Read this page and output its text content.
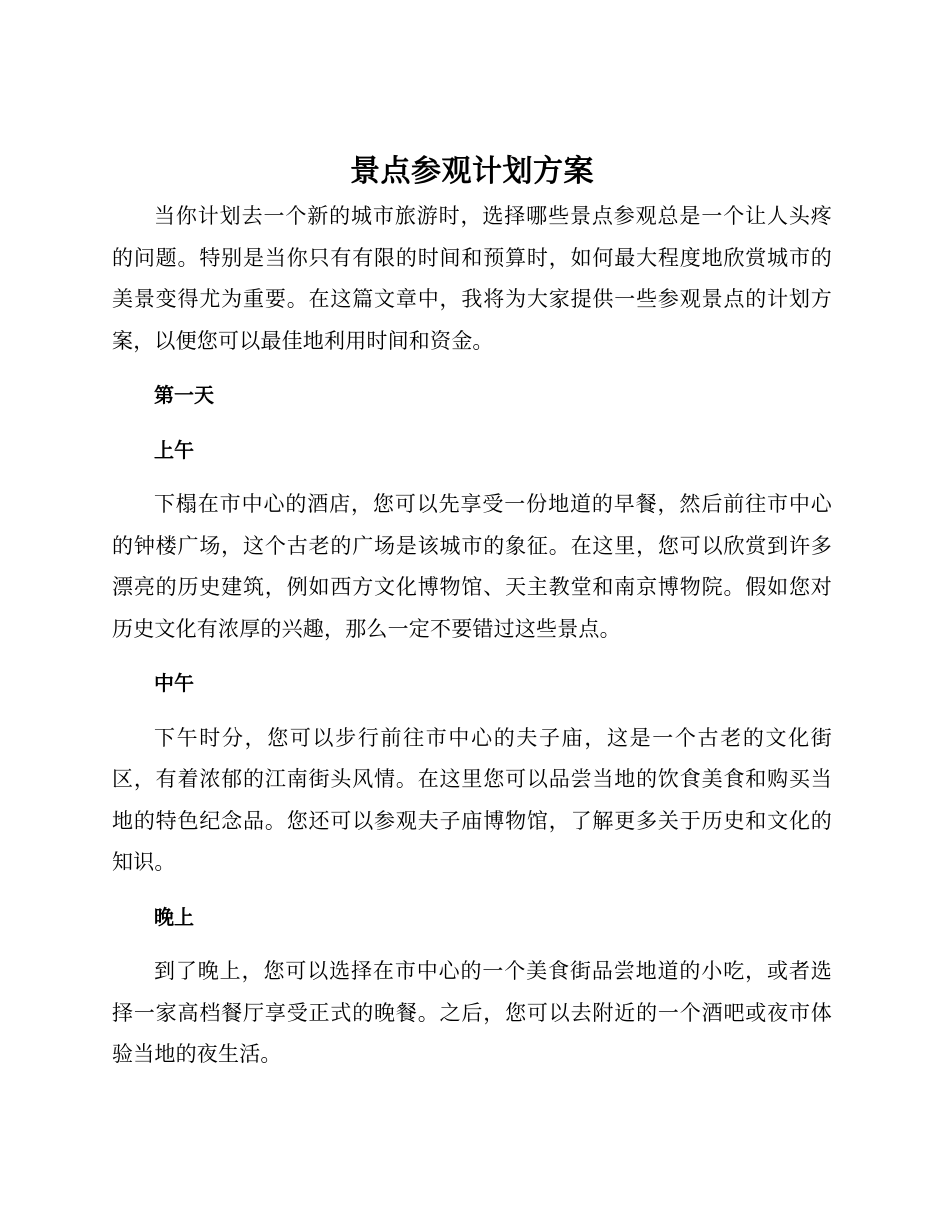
景点参观计划方案

当你计划去一个新的城市旅游时，选择哪些景点参观总是一个让人头疼的问题。特别是当你只有有限的时间和预算时，如何最大程度地欣赏城市的美景变得尤为重要。在这篇文章中，我将为大家提供一些参观景点的计划方案，以便您可以最佳地利用时间和资金。

第一天
上午

下榻在市中心的酒店，您可以先享受一份地道的早餐，然后前往市中心的钟楼广场，这个古老的广场是该城市的象征。在这里，您可以欣赏到许多漂亮的历史建筑，例如西方文化博物馆、天主教堂和南京博物院。假如您对历史文化有浓厚的兴趣，那么一定不要错过这些景点。

中午

下午时分，您可以步行前往市中心的夫子庙，这是一个古老的文化街区，有着浓郁的江南街头风情。在这里您可以品尝当地的饮食美食和购买当地的特色纪念品。您还可以参观夫子庙博物馆，了解更多关于历史和文化的知识。

晚上

到了晚上，您可以选择在市中心的一个美食街品尝地道的小吃，或者选择一家高档餐厅享受正式的晚餐。之后，您可以去附近的一个酒吧或夜市体验当地的夜生活。
